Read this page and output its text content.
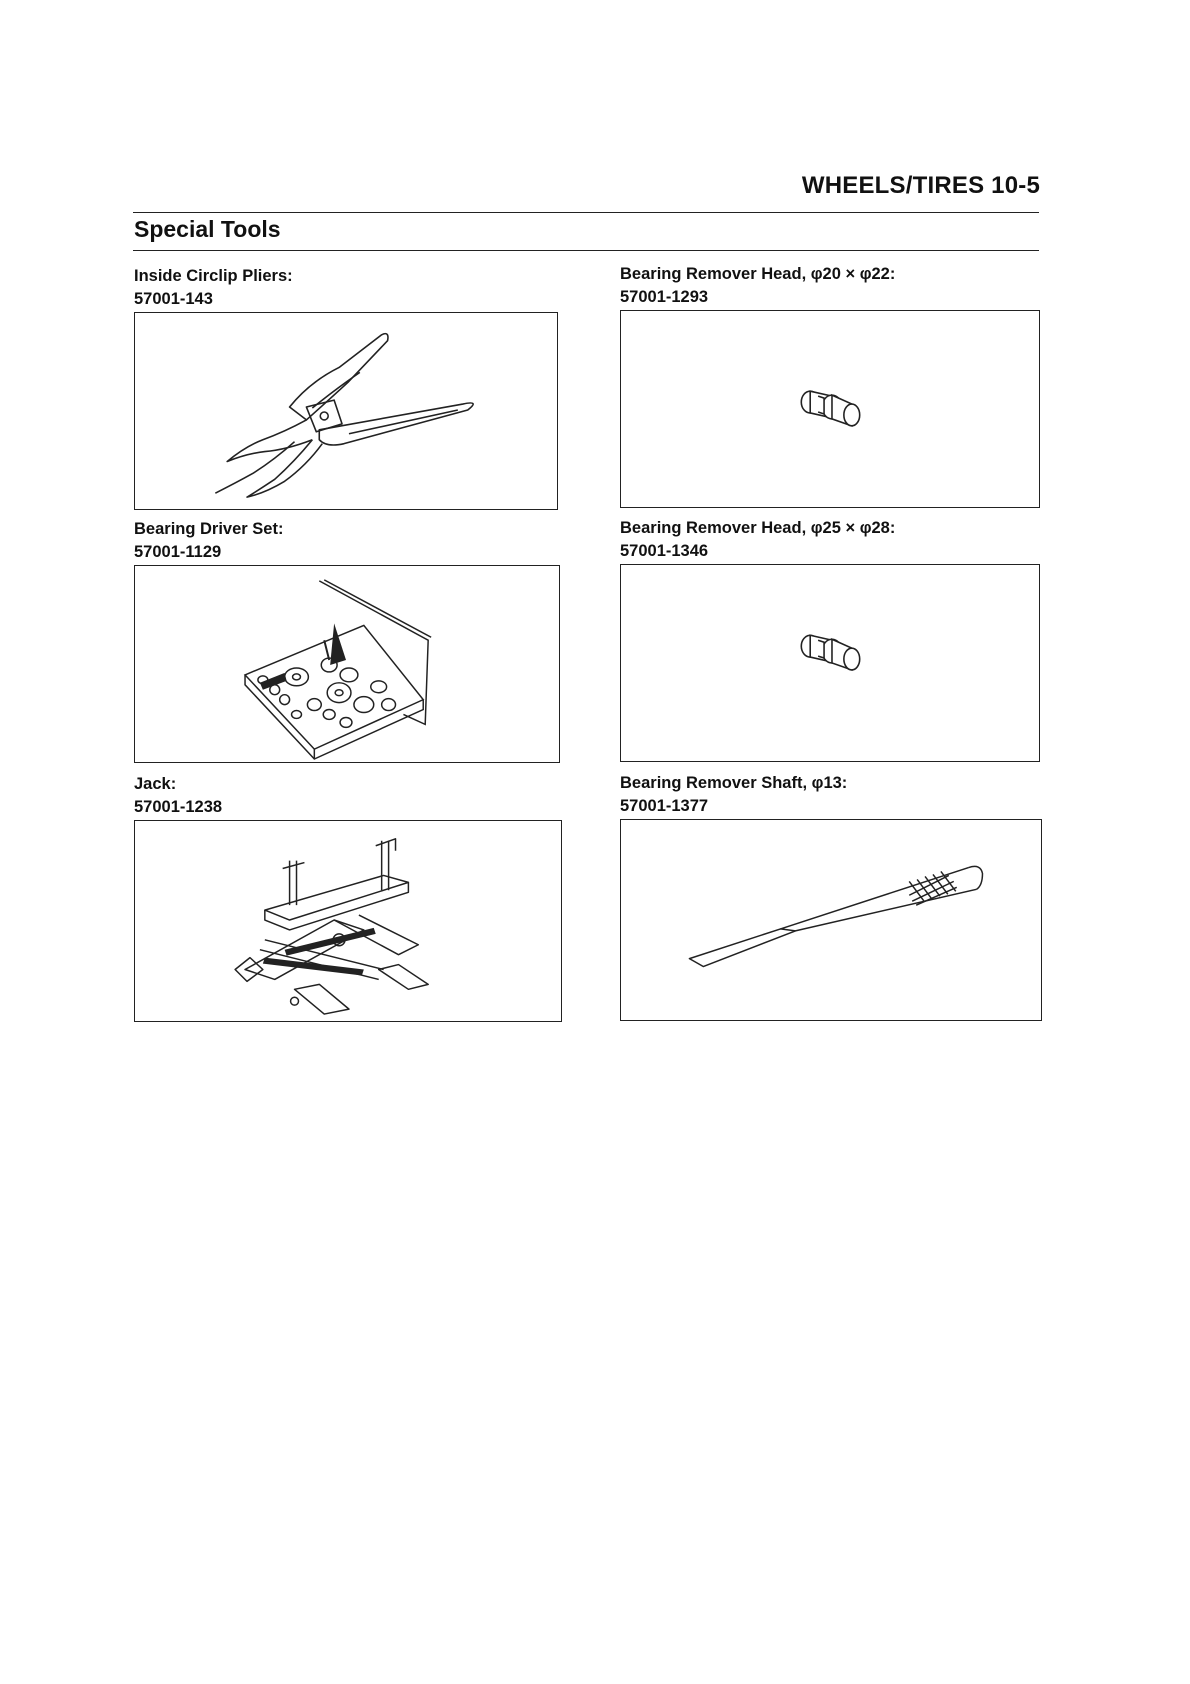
WHEELS/TIRES 10-5
Special Tools
Inside Circlip Pliers:
57001-143
Bearing Remover Head, φ20 × φ22:
57001-1293
Bearing Driver Set:
57001-1129
Bearing Remover Head, φ25 × φ28:
57001-1346
Jack:
57001-1238
Bearing Remover Shaft, φ13:
57001-1377
